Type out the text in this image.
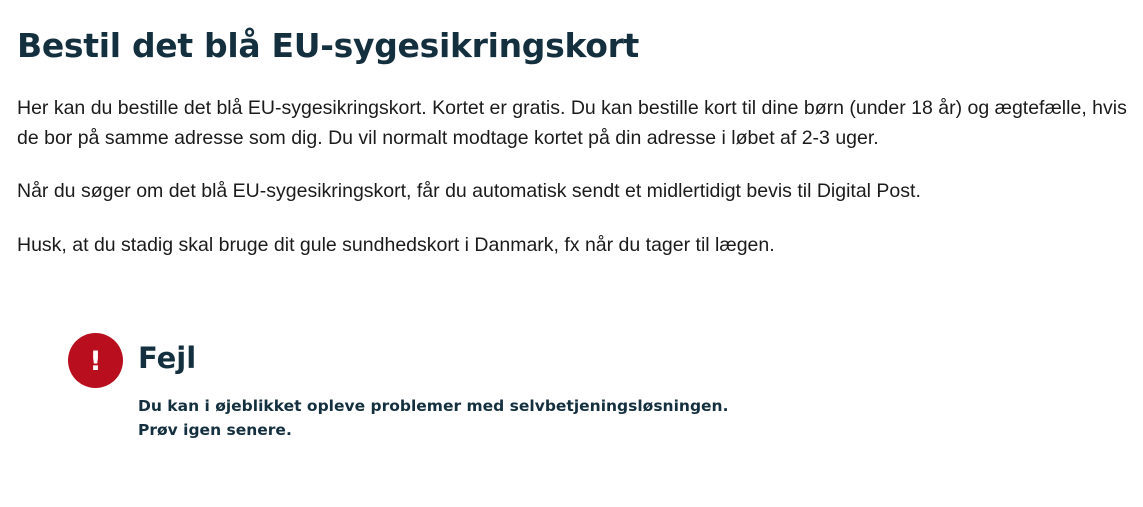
Bestil det blå EU-sygesikringskort

Her kan du bestille det blå EU-sygesikringskort. Kortet er gratis. Du kan bestille kort til dine børn (under 18 år) og ægtefælle, hvis de bor på samme adresse som dig. Du vil normalt modtage kortet på din adresse i løbet af 2-3 uger.

Når du søger om det blå EU-sygesikringskort, får du automatisk sendt et midlertidigt bevis til Digital Post.

Husk, at du stadig skal bruge dit gule sundhedskort i Danmark, fx når du tager til lægen.

! Fejl

Du kan i øjeblikket opleve problemer med selvbetjeningsløsningen. Prøv igen senere.
